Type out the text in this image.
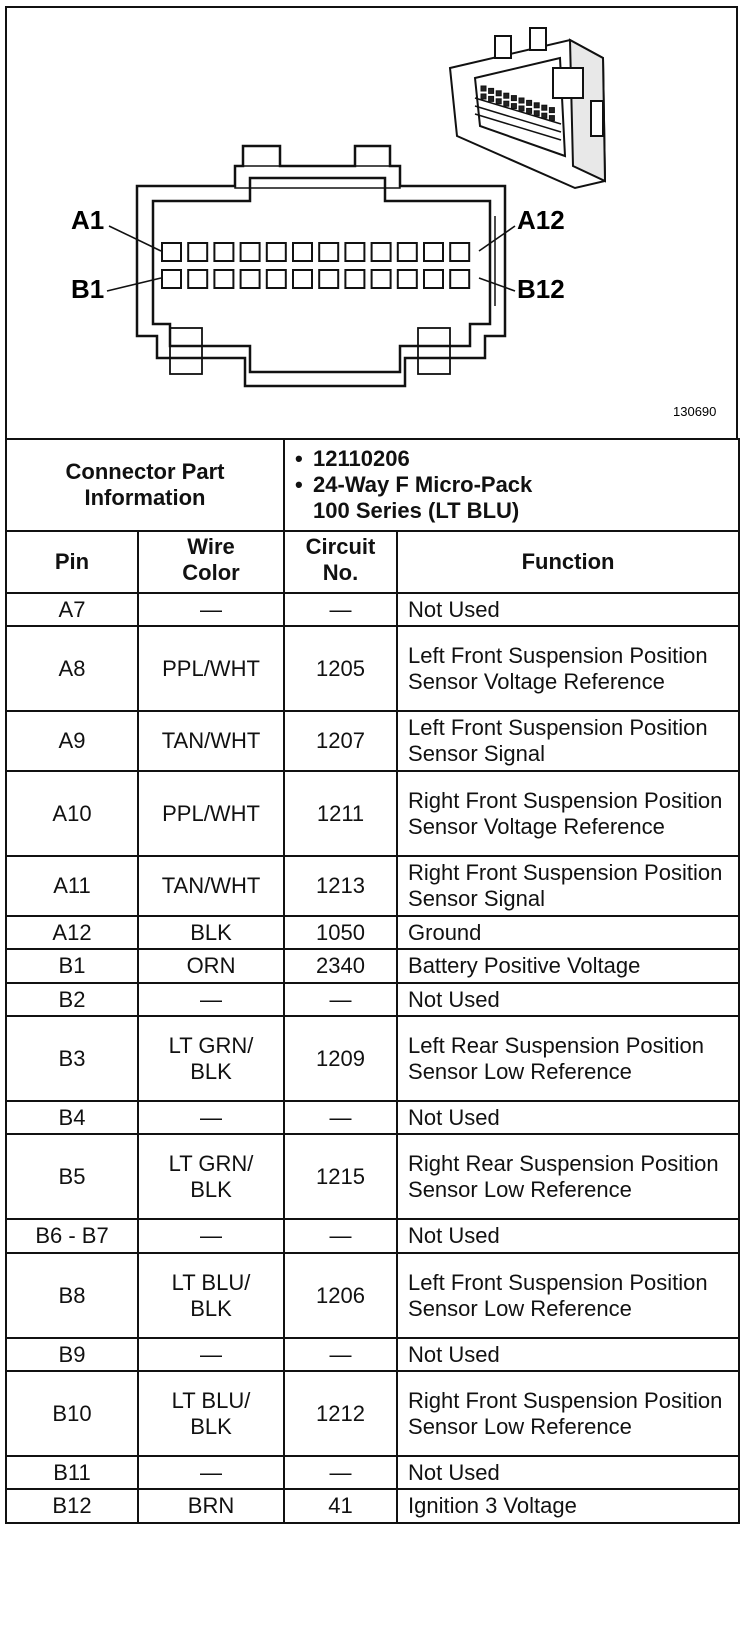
A1
B1
A12
B12
130690
Connector Part Information		• 12110206
• 24-Way F Micro-Pack 100 Series (LT BLU)	

Pin	Wire Color	Circuit No.	Function
A7	—	—	Not Used
A8	PPL/WHT	1205	Left Front Suspension Position Sensor Voltage Reference
A9	TAN/WHT	1207	Left Front Suspension Position Sensor Signal
A10	PPL/WHT	1211	Right Front Suspension Position Sensor Voltage Reference
A11	TAN/WHT	1213	Right Front Suspension Position Sensor Signal
A12	BLK	1050	Ground
B1	ORN	2340	Battery Positive Voltage
B2	—	—	Not Used
B3	LT GRN/ BLK	1209	Left Rear Suspension Position Sensor Low Reference
B4	—	—	Not Used
B5	LT GRN/ BLK	1215	Right Rear Suspension Position Sensor Low Reference
B6 - B7	—	—	Not Used
B8	LT BLU/ BLK	1206	Left Front Suspension Position Sensor Low Reference
B9	—	—	Not Used
B10	LT BLU/ BLK	1212	Right Front Suspension Position Sensor Low Reference
B11	—	—	Not Used
B12	BRN	41	Ignition 3 Voltage
